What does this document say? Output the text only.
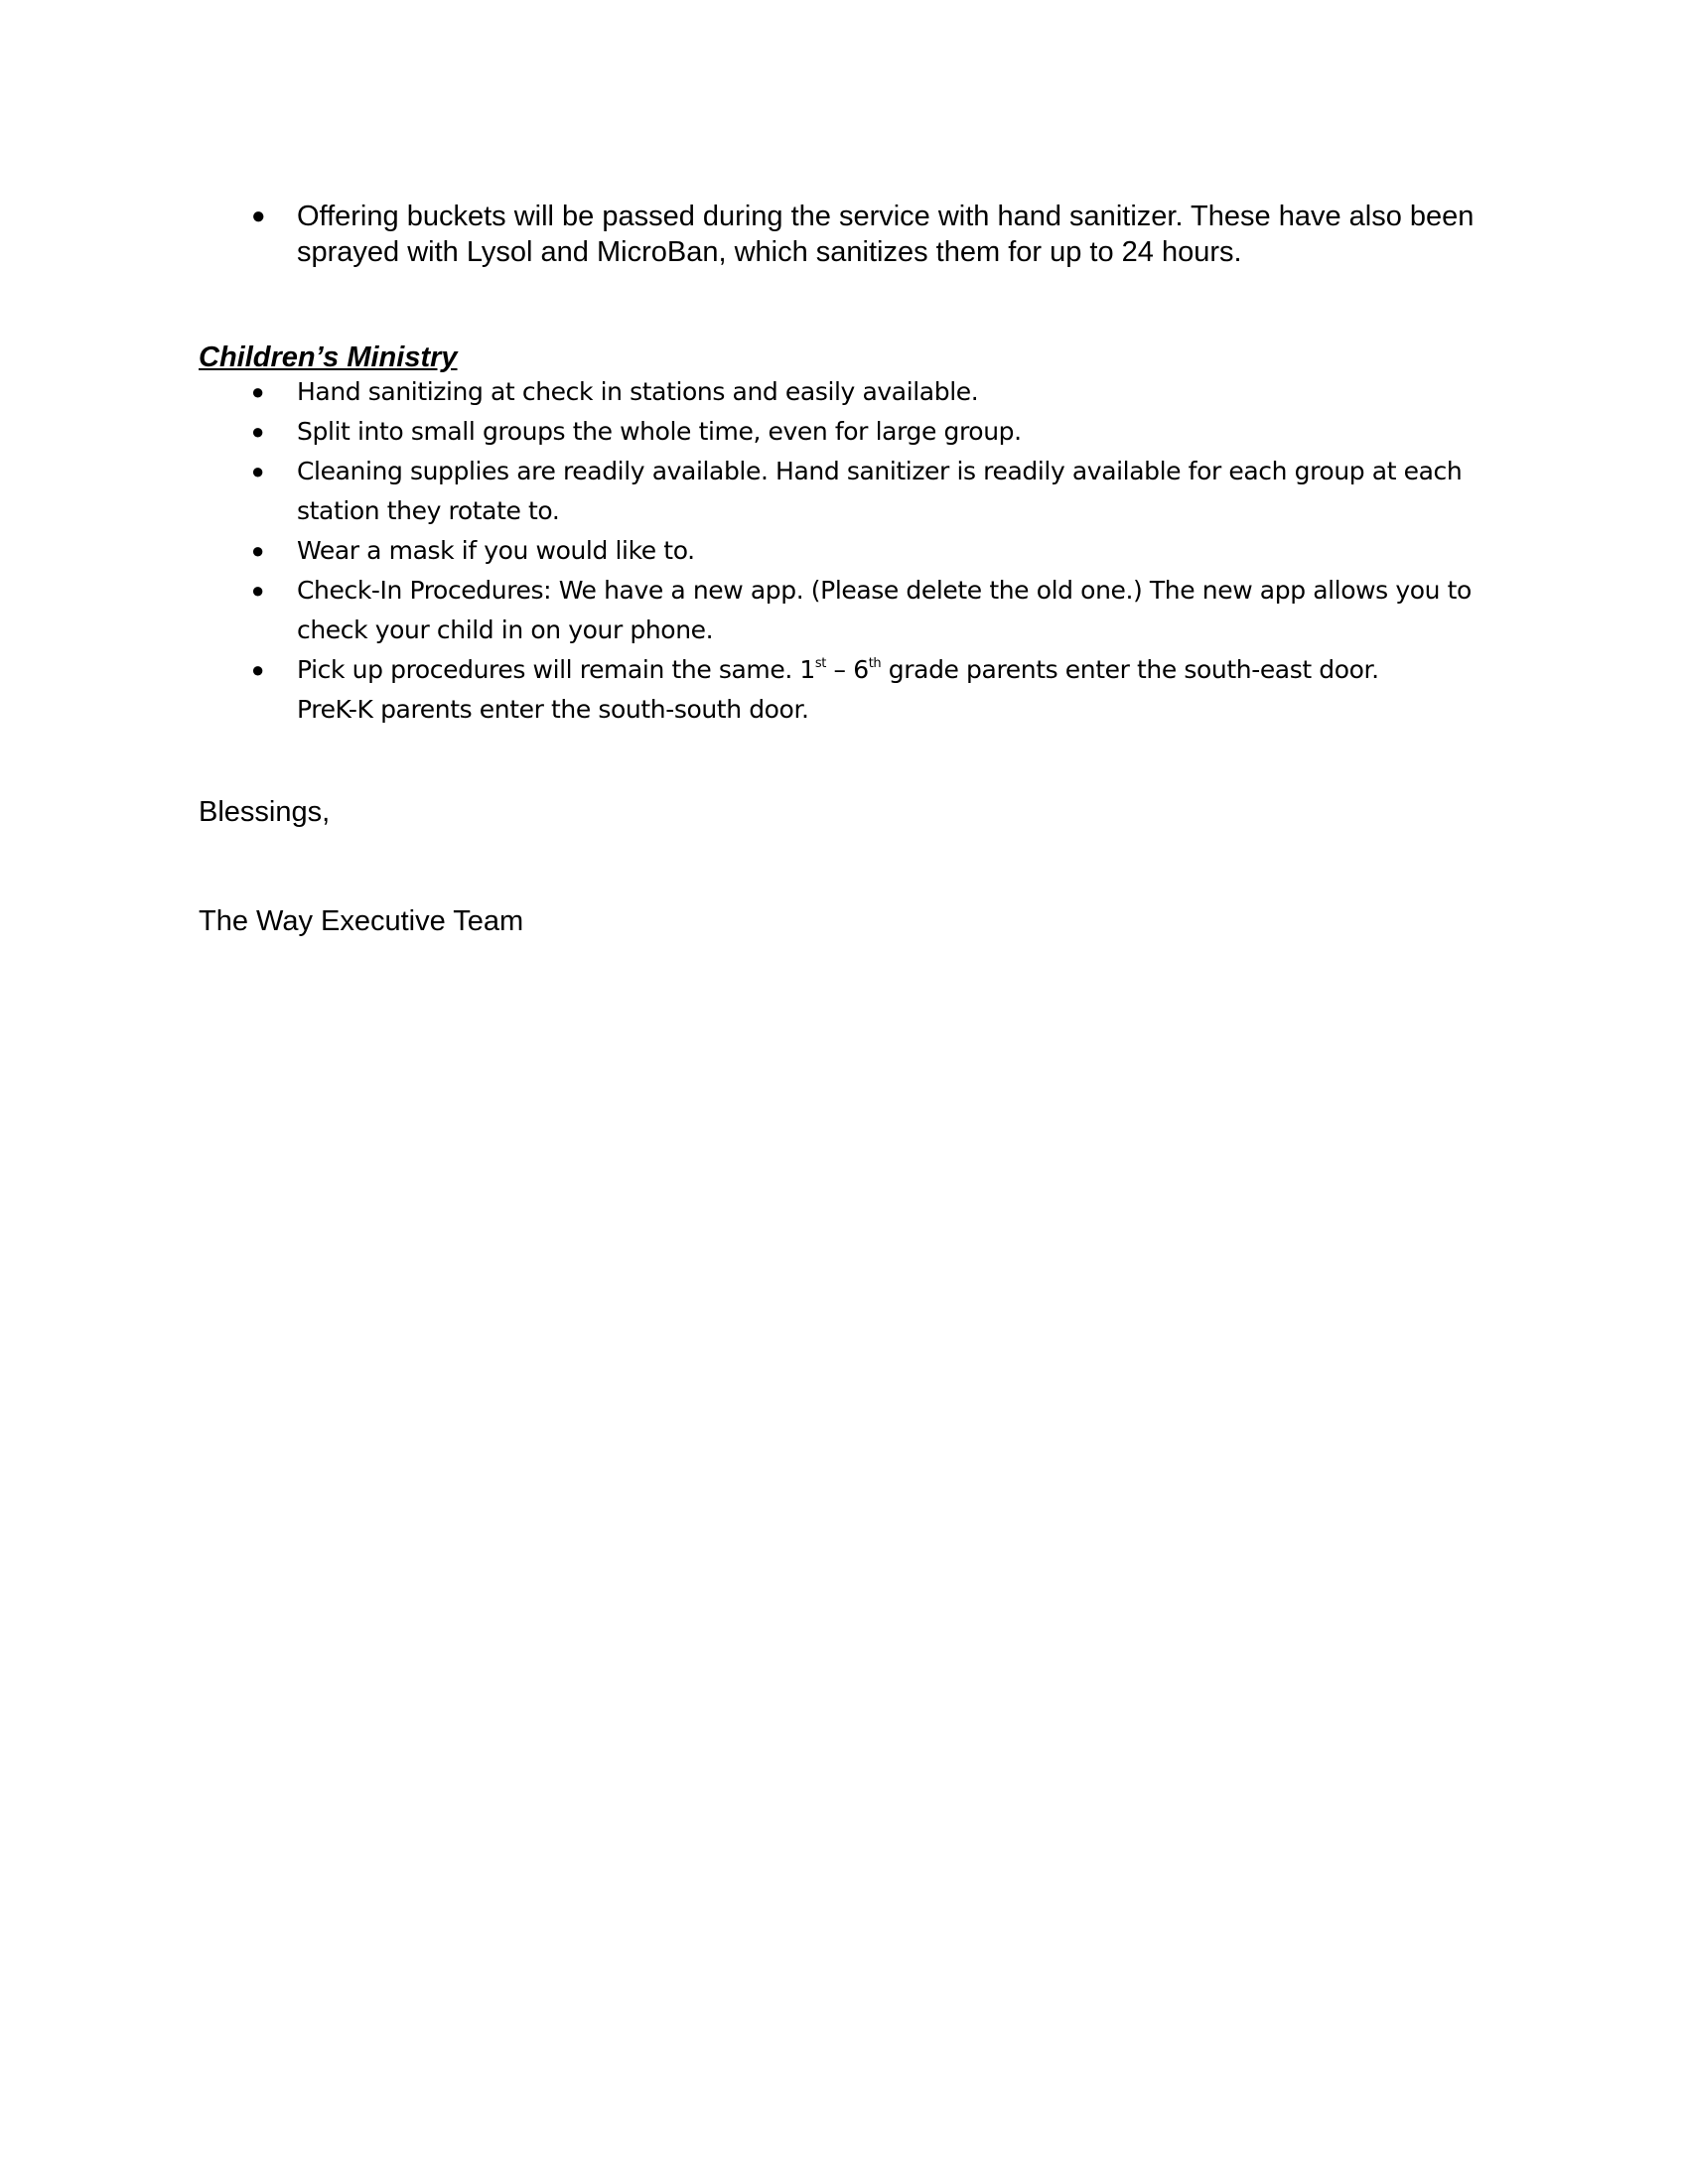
● Offering buckets will be passed during the service with hand sanitizer. These have also been sprayed with Lysol and MicroBan, which sanitizes them for up to 24 hours.
Children’s Ministry
● Hand sanitizing at check in stations and easily available.
● Split into small groups the whole time, even for large group.
● Cleaning supplies are readily available. Hand sanitizer is readily available for each group at each station they rotate to.
● Wear a mask if you would like to.
● Check-In Procedures: We have a new app. (Please delete the old one.) The new app allows you to check your child in on your phone.
● Pick up procedures will remain the same. 1st – 6th grade parents enter the south-east door.
PreK-K parents enter the south-south door.

Blessings,

The Way Executive Team
